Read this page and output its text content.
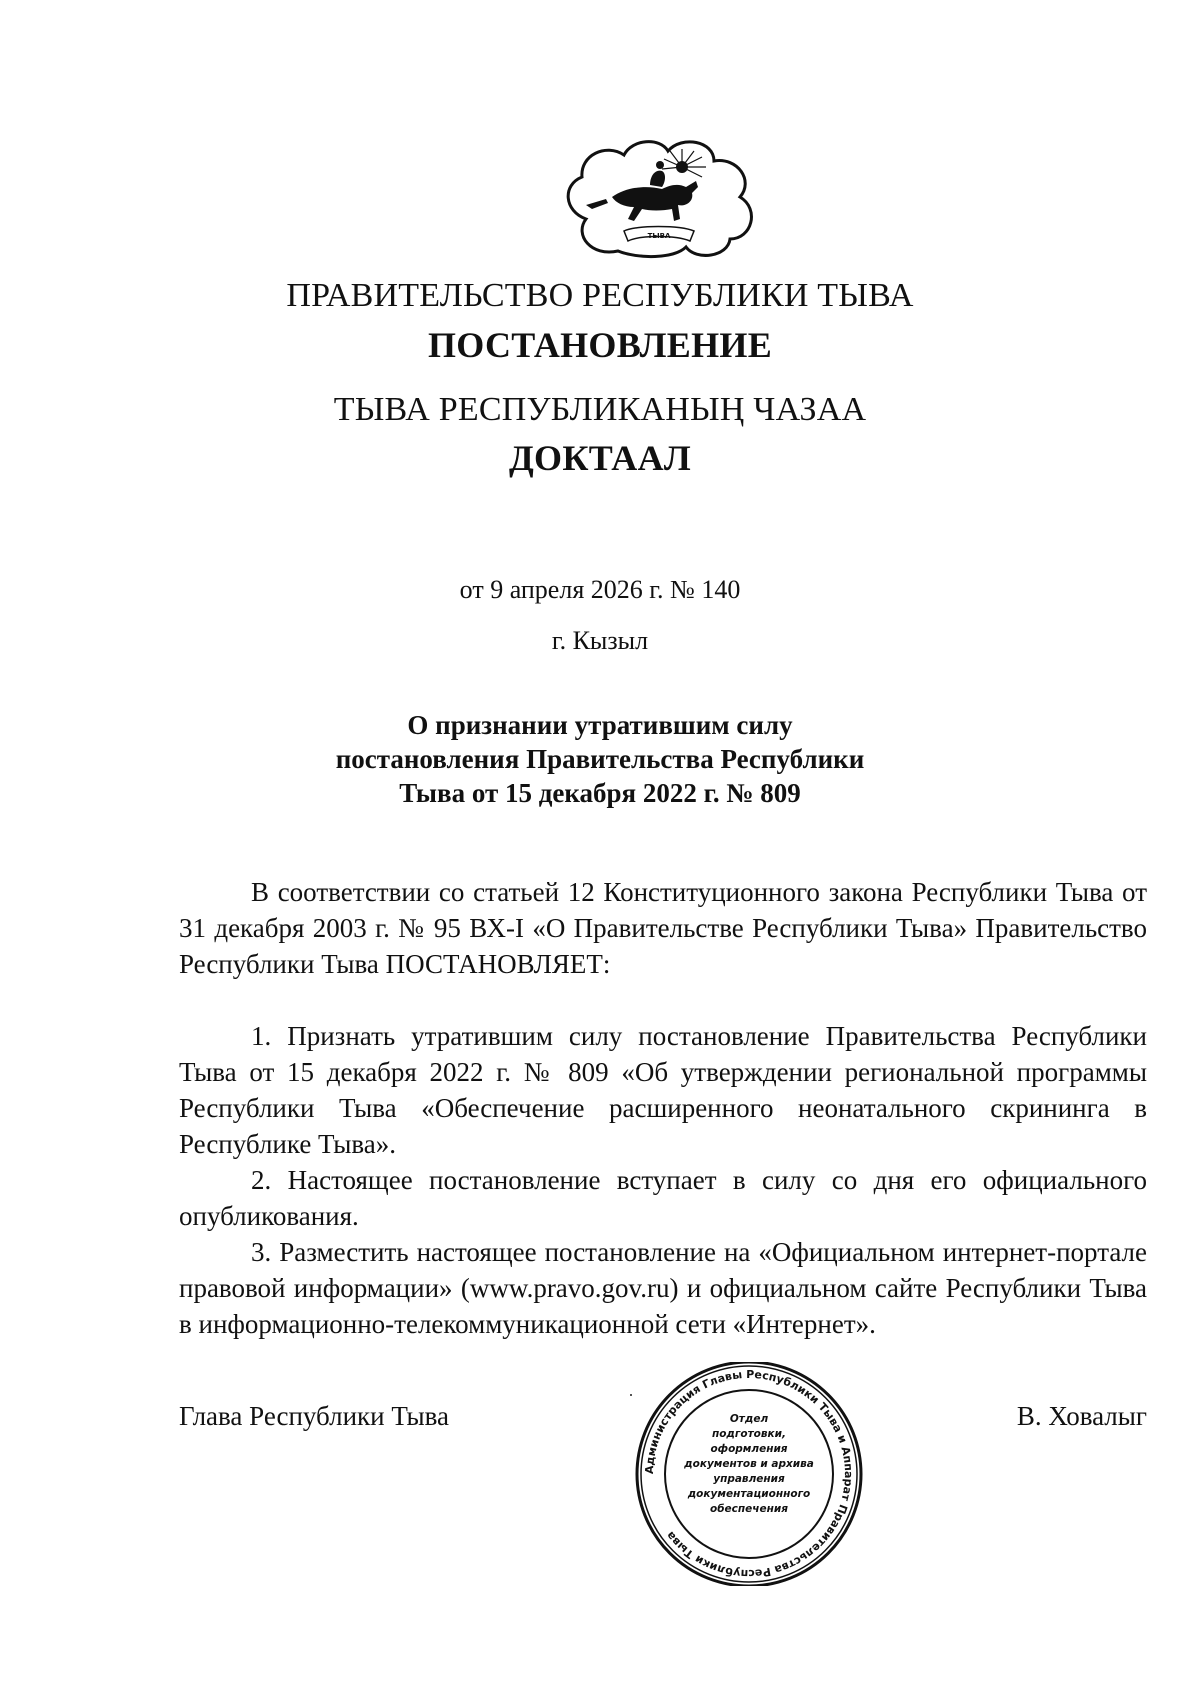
ТЫВА
ПРАВИТЕЛЬСТВО РЕСПУБЛИКИ ТЫВА
ПОСТАНОВЛЕНИЕ
ТЫВА РЕСПУБЛИКАНЫҢ ЧАЗАА
ДОКТААЛ
от 9 апреля 2026 г. № 140
г. Кызыл
О признании утратившим силу
постановления Правительства Республики
Тыва от 15 декабря 2022 г. № 809

В соответствии со статьей 12 Конституционного закона Республики Тыва от 31 декабря 2003 г. № 95 ВХ-I «О Правительстве Республики Тыва» Правительство Республики Тыва ПОСТАНОВЛЯЕТ:

1. Признать утратившим силу постановление Правительства Республики Тыва от 15 декабря 2022 г. № 809 «Об утверждении региональной программы Республики Тыва «Обеспечение расширенного неонатального скрининга в Республике Тыва».

2. Настоящее постановление вступает в силу со дня его официального опубликования.

3. Разместить настоящее постановление на «Официальном интернет-портале правовой информации» (www.pravo.gov.ru) и официальном сайте Республики Тыва в информационно-телекоммуникационной сети «Интернет».

Глава Республики Тыва	В. Ховалыг
Администрация Главы Республики Тыва и Аппарат Правительства Республики Тыва
Отдел
подготовки,
оформления
документов и архива
управления
документационного
обеспечения
